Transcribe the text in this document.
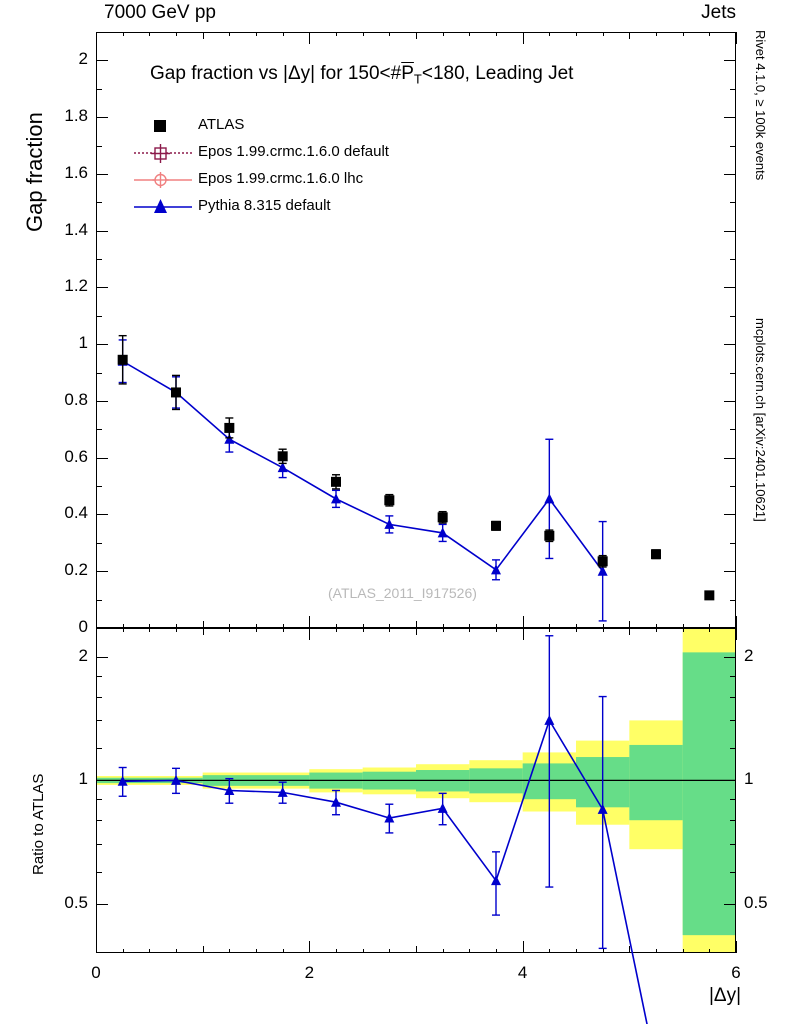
7000 GeV pp	Jets
Rivet 4.1.0, ≥ 100k events
mcplots.cern.ch [arXiv:2401.10621]
Gap fraction
Ratio to ATLAS
|Δy|
Gap fraction vs |Δy| for $150<\#\overline{P}_T<180$, Leading Jet
(ATLAS_2011_I917526)
ATLAS
Epos 1.99.crmc.1.6.0 default
Epos 1.99.crmc.1.6.0 lhc
Pythia 8.315 default
0
0.2
0.4
0.6
0.8
1
1.2
1.4
1.6
1.8
2
0.5	0.5
1	1
2	2
0	2	4	6
